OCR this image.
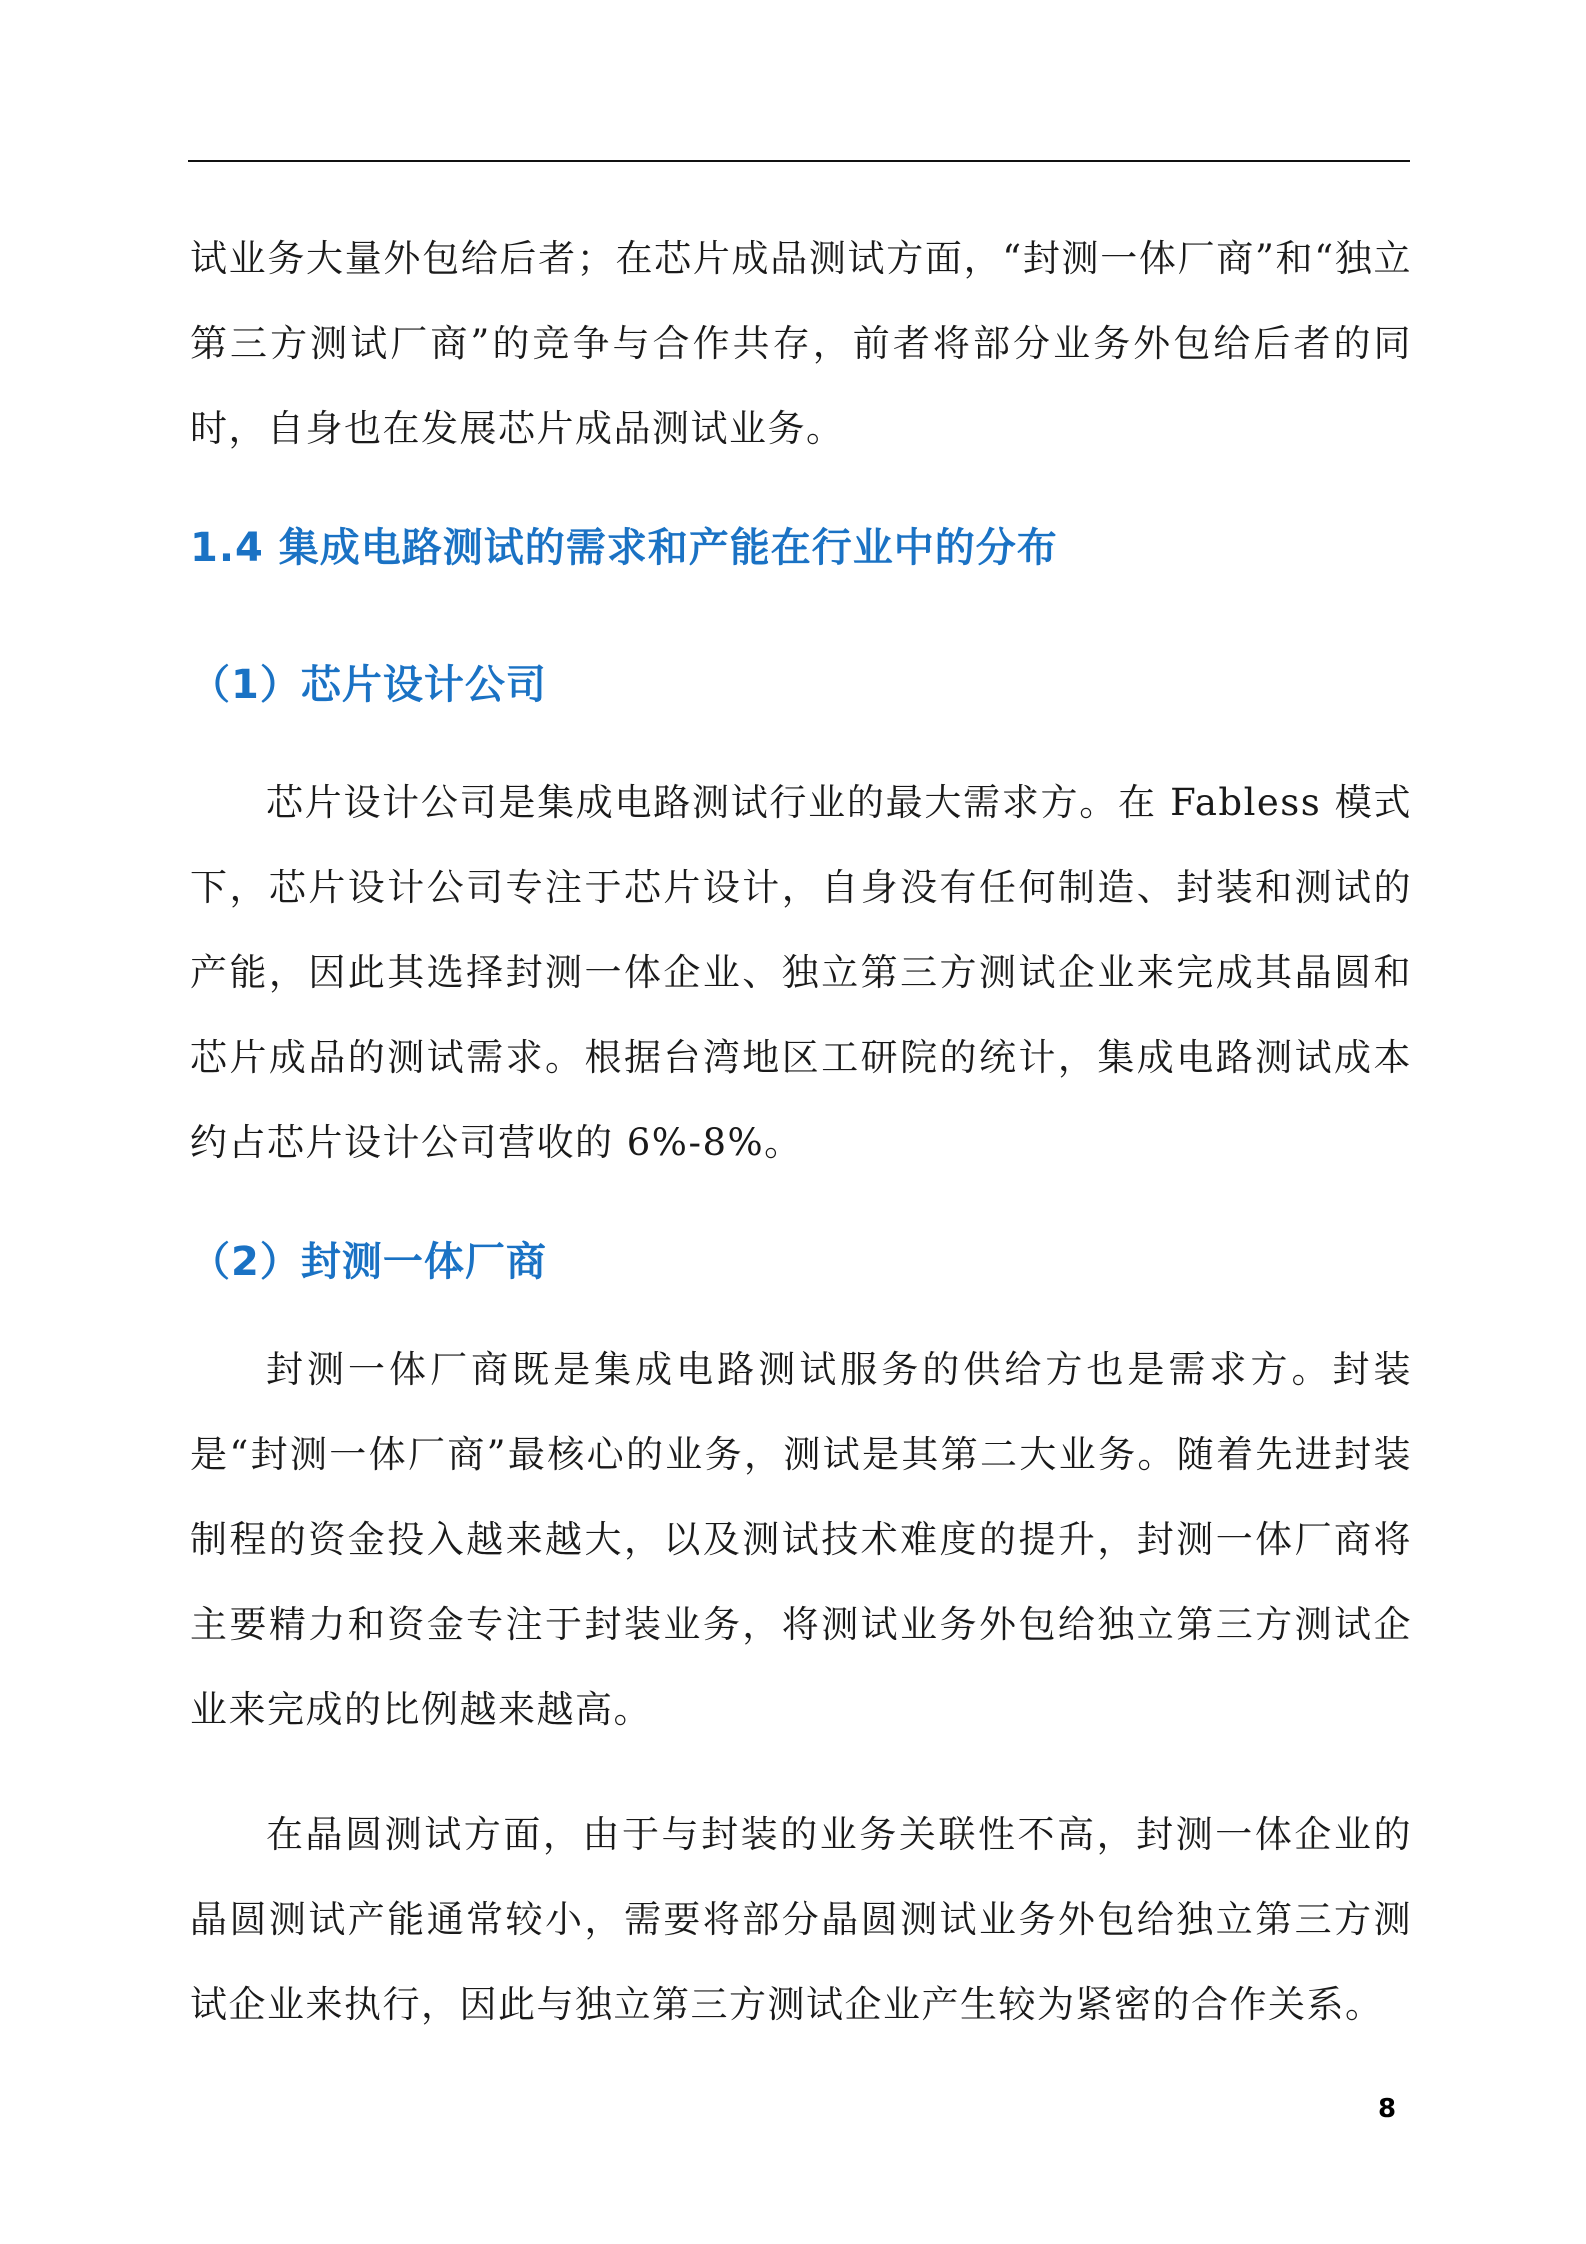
试业务大量外包给后者；在芯片成品测试方面，“封测一体厂商”和“独立第三方测试厂商”的竞争与合作共存，前者将部分业务外包给后者的同时，自身也在发展芯片成品测试业务。

1.4 集成电路测试的需求和产能在行业中的分布
（1）芯片设计公司

芯片设计公司是集成电路测试行业的最大需求方。在 Fabless 模式下，芯片设计公司专注于芯片设计，自身没有任何制造、封装和测试的产能，因此其选择封测一体企业、独立第三方测试企业来完成其晶圆和芯片成品的测试需求。根据台湾地区工研院的统计，集成电路测试成本约占芯片设计公司营收的 6%-8%。

（2）封测一体厂商

封测一体厂商既是集成电路测试服务的供给方也是需求方。封装是“封测一体厂商”最核心的业务，测试是其第二大业务。随着先进封装制程的资金投入越来越大，以及测试技术难度的提升，封测一体厂商将主要精力和资金专注于封装业务，将测试业务外包给独立第三方测试企业来完成的比例越来越高。

在晶圆测试方面，由于与封装的业务关联性不高，封测一体企业的晶圆测试产能通常较小，需要将部分晶圆测试业务外包给独立第三方测试企业来执行，因此与独立第三方测试企业产生较为紧密的合作关系。

8
